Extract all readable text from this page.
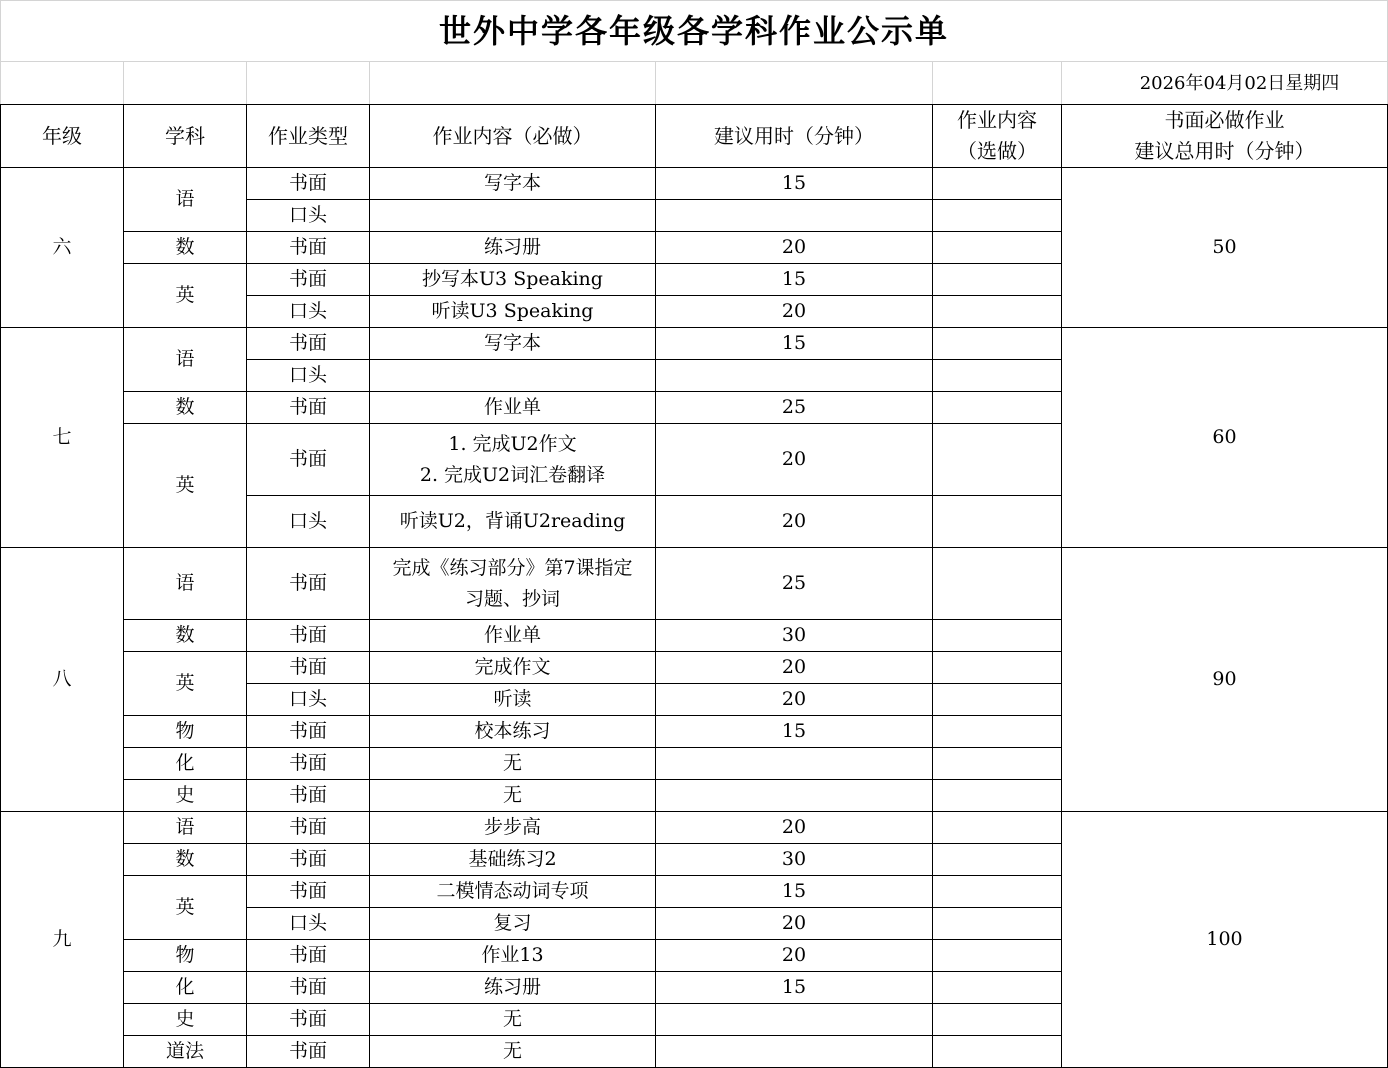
世外中学各年级各学科作业公示单						
						2026年04月02日星期四
年级	学科	作业类型	作业内容（必做）	建议用时（分钟）	作业内容
（选做）	书面必做作业
建议总用时（分钟）

六	语	书面	写字本	15		50
		口头		

	数	书面	练习册	20		
	英	书面	抄写本U3 Speaking	15		
		口头	听读U3 Speaking	20		
七	语	书面	写字本	15		60
		口头		

	数	书面	作业单	25		
	英	书面	1. 完成U2作文
2. 完成U2词汇卷翻译	20		
		口头	听读U2，背诵U2reading	20		
八	语	书面	完成《练习部分》第7课指定
习题、抄词	25		90
	数	书面	作业单	30		
	英	书面	完成作文	20		
		口头	听读	20		
	物	书面	校本练习	15		
	化	书面	无			

	史	书面	无			

九	语	书面	步步高	20		100
	数	书面	基础练习2	30		
	英	书面	二模情态动词专项	15		
		口头	复习	20		
	物	书面	作业13	20		
	化	书面	练习册	15		
	史	书面	无			

	道法	书面	无			
